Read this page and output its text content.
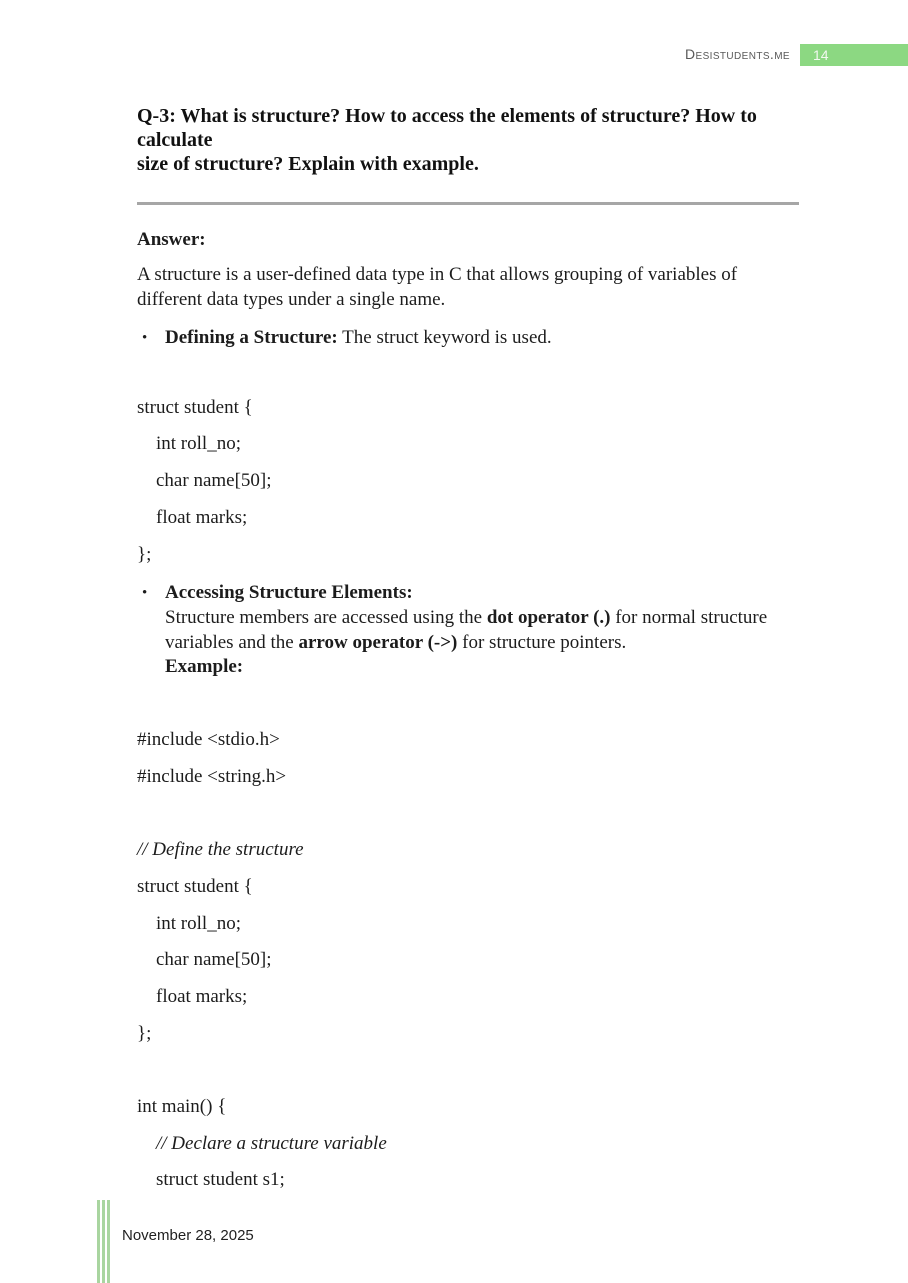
Desistudents.me	14
Q-3: What is structure? How to access the elements of structure? How to calculate
size of structure? Explain with example.
Answer:
A structure is a user-defined data type in C that allows grouping of variables of
different data types under a single name.
• Defining a Structure: The struct keyword is used.
struct student {
int roll_no;
char name[50];
float marks;
};
• Accessing Structure Elements:
Structure members are accessed using the dot operator (.) for normal structure
variables and the arrow operator (->) for structure pointers.
Example:
#include <stdio.h>
#include <string.h>
// Define the structure
struct student {
int roll_no;
char name[50];
float marks;
};
int main() {
// Declare a structure variable
struct student s1;
November 28, 2025
